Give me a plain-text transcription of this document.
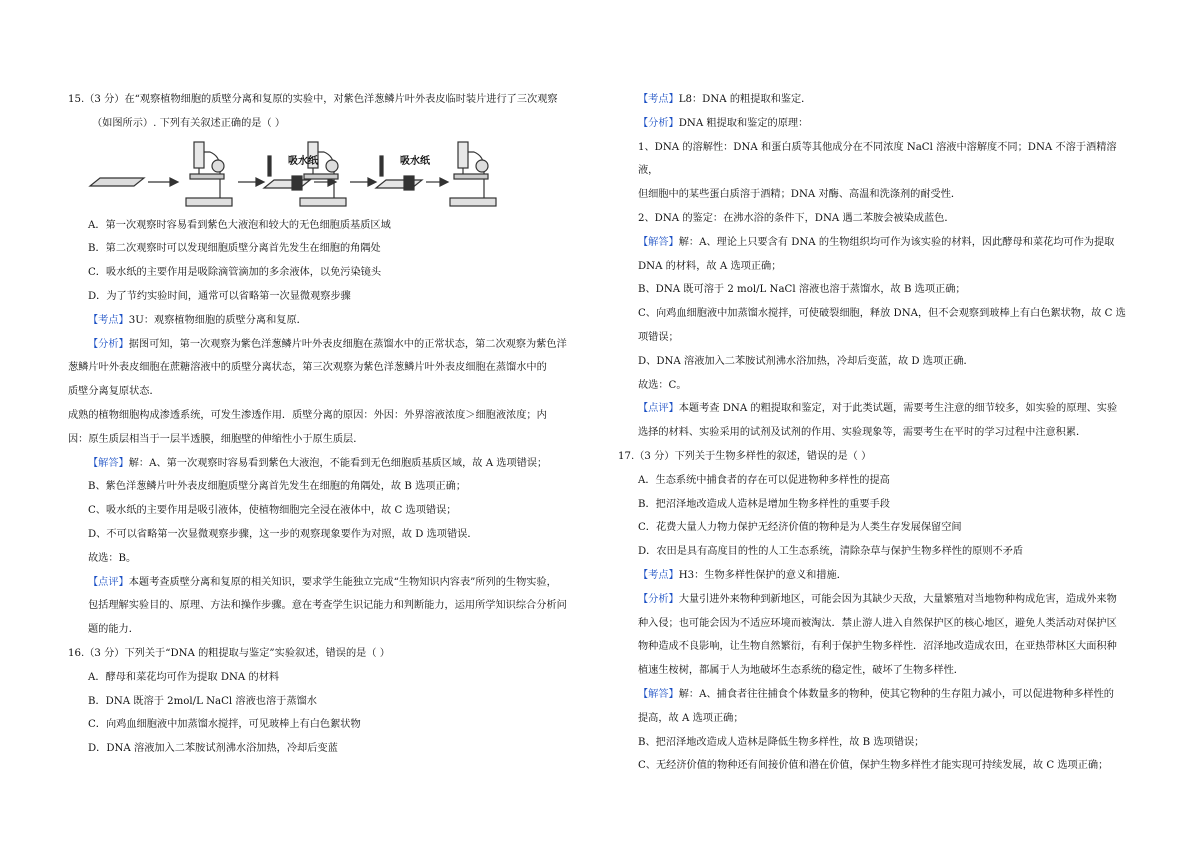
15.（3 分）在“观察植物细胞的质壁分离和复原的实验中，对紫色洋葱鳞片叶外表皮临时装片进行了三次观察

（如图所示）. 下列有关叙述正确的是（ ）

吸水纸	吸水纸

A．第一次观察时容易看到紫色大液泡和较大的无色细胞质基质区域

B．第二次观察时可以发现细胞质壁分离首先发生在细胞的角隅处

C．吸水纸的主要作用是吸除滴管滴加的多余液体，以免污染镜头

D．为了节约实验时间，通常可以省略第一次显微观察步骤

【考点】3U：观察植物细胞的质壁分离和复原．

【分析】据图可知，第一次观察为紫色洋葱鳞片叶外表皮细胞在蒸馏水中的正常状态，第二次观察为紫色洋

葱鳞片叶外表皮细胞在蔗糖溶液中的质壁分离状态，第三次观察为紫色洋葱鳞片叶外表皮细胞在蒸馏水中的

质壁分离复原状态．

成熟的植物细胞构成渗透系统，可发生渗透作用．质壁分离的原因：外因：外界溶液浓度＞细胞液浓度；内

因：原生质层相当于一层半透膜，细胞壁的伸缩性小于原生质层．

【解答】解：A、第一次观察时容易看到紫色大液泡，不能看到无色细胞质基质区域，故 A 选项错误；

B、紫色洋葱鳞片叶外表皮细胞质壁分离首先发生在细胞的角隅处，故 B 选项正确；

C、吸水纸的主要作用是吸引液体，使植物细胞完全浸在液体中，故 C 选项错误；

D、不可以省略第一次显微观察步骤，这一步的观察现象要作为对照，故 D 选项错误．

故选：B。

【点评】本题考查质壁分离和复原的相关知识，要求学生能独立完成“生物知识内容表”所列的生物实验，

包括理解实验目的、原理、方法和操作步骤。意在考查学生识记能力和判断能力，运用所学知识综合分析问

题的能力．

16.（3 分）下列关于“DNA 的粗提取与鉴定”实验叙述，错误的是（ ）

A．酵母和菜花均可作为提取 DNA 的材料

B．DNA 既溶于 2mol/L NaCl 溶液也溶于蒸馏水

C．向鸡血细胞液中加蒸馏水搅拌，可见玻棒上有白色絮状物

D．DNA 溶液加入二苯胺试剂沸水浴加热，冷却后变蓝

【考点】L8：DNA 的粗提取和鉴定．

【分析】DNA 粗提取和鉴定的原理：

1、DNA 的溶解性：DNA 和蛋白质等其他成分在不同浓度 NaCl 溶液中溶解度不同；DNA 不溶于酒精溶液，

但细胞中的某些蛋白质溶于酒精；DNA 对酶、高温和洗涤剂的耐受性．

2、DNA 的鉴定：在沸水浴的条件下，DNA 遇二苯胺会被染成蓝色．

【解答】解：A、理论上只要含有 DNA 的生物组织均可作为该实验的材料，因此酵母和菜花均可作为提取

DNA 的材料，故 A 选项正确；

B、DNA 既可溶于 2 mol/L NaCl 溶液也溶于蒸馏水，故 B 选项正确；

C、向鸡血细胞液中加蒸馏水搅拌，可使破裂细胞，释放 DNA，但不会观察到玻棒上有白色絮状物，故 C 选

项错误；

D、DNA 溶液加入二苯胺试剂沸水浴加热，冷却后变蓝，故 D 选项正确．

故选：C。

【点评】本题考查 DNA 的粗提取和鉴定，对于此类试题，需要考生注意的细节较多，如实验的原理、实验

选择的材料、实验采用的试剂及试剂的作用、实验现象等，需要考生在平时的学习过程中注意积累．

17.（3 分）下列关于生物多样性的叙述，错误的是（ ）

A．生态系统中捕食者的存在可以促进物种多样性的提高

B．把沼泽地改造成人造林是增加生物多样性的重要手段

C．花费大量人力物力保护无经济价值的物种是为人类生存发展保留空间

D．农田是具有高度目的性的人工生态系统，清除杂草与保护生物多样性的原则不矛盾

【考点】H3：生物多样性保护的意义和措施．

【分析】大量引进外来物种到新地区，可能会因为其缺少天敌，大量繁殖对当地物种构成危害，造成外来物

种入侵；也可能会因为不适应环境而被淘汰．禁止游人进入自然保护区的核心地区，避免人类活动对保护区

物种造成不良影响，让生物自然繁衍，有利于保护生物多样性．沼泽地改造成农田，在亚热带林区大面积种

植速生桉树，都属于人为地破坏生态系统的稳定性，破坏了生物多样性．

【解答】解：A、捕食者往往捕食个体数量多的物种，使其它物种的生存阻力减小，可以促进物种多样性的

提高，故 A 选项正确；

B、把沼泽地改造成人造林是降低生物多样性，故 B 选项错误；

C、无经济价值的物种还有间接价值和潜在价值，保护生物多样性才能实现可持续发展，故 C 选项正确；
